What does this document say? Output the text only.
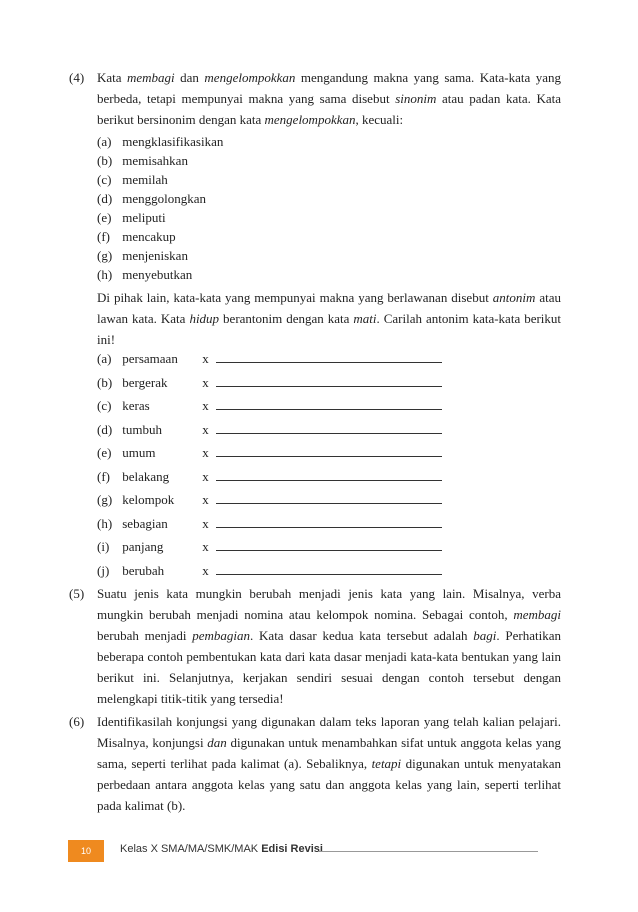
(4) Kata membagi dan mengelompokkan mengandung makna yang sama. Kata-kata yang berbeda, tetapi mempunyai makna yang sama disebut sinonim atau padan kata. Kata berikut bersinonim dengan kata mengelompokkan, kecuali:
(a) mengklasifikasikan
(b) memisahkan
(c) memilah
(d) menggolongkan
(e) meliputi
(f) mencakup
(g) menjeniskan
(h) menyebutkan
Di pihak lain, kata-kata yang mempunyai makna yang berlawanan disebut antonim atau lawan kata. Kata hidup berantonim dengan kata mati. Carilah antonim kata-kata berikut ini!
(a) persamaan x
(b) bergerak	x
(c) keras	x
(d) tumbuh	x
(e) umum	x
(f) belakang	x
(g) kelompok x
(h) sebagian	x
(i) panjang	x
(j) berubah	x
(5) Suatu jenis kata mungkin berubah menjadi jenis kata yang lain. Misalnya, verba mungkin berubah menjadi nomina atau kelompok nomina. Sebagai contoh, membagi berubah menjadi pembagian. Kata dasar kedua kata tersebut adalah bagi. Perhatikan beberapa contoh pembentukan kata dari kata dasar menjadi kata-kata bentukan yang lain berikut ini. Selanjutnya, kerjakan sendiri sesuai dengan contoh tersebut dengan melengkapi titik-titik yang tersedia!
(6) Identifikasilah konjungsi yang digunakan dalam teks laporan yang telah kalian pelajari. Misalnya, konjungsi dan digunakan untuk menambahkan sifat untuk anggota kelas yang sama, seperti terlihat pada kalimat (a). Sebaliknya, tetapi digunakan untuk menyatakan perbedaan antara anggota kelas yang satu dan anggota kelas yang lain, seperti terlihat pada kalimat (b).
10	Kelas X SMA/MA/SMK/MAK Edisi Revisi
